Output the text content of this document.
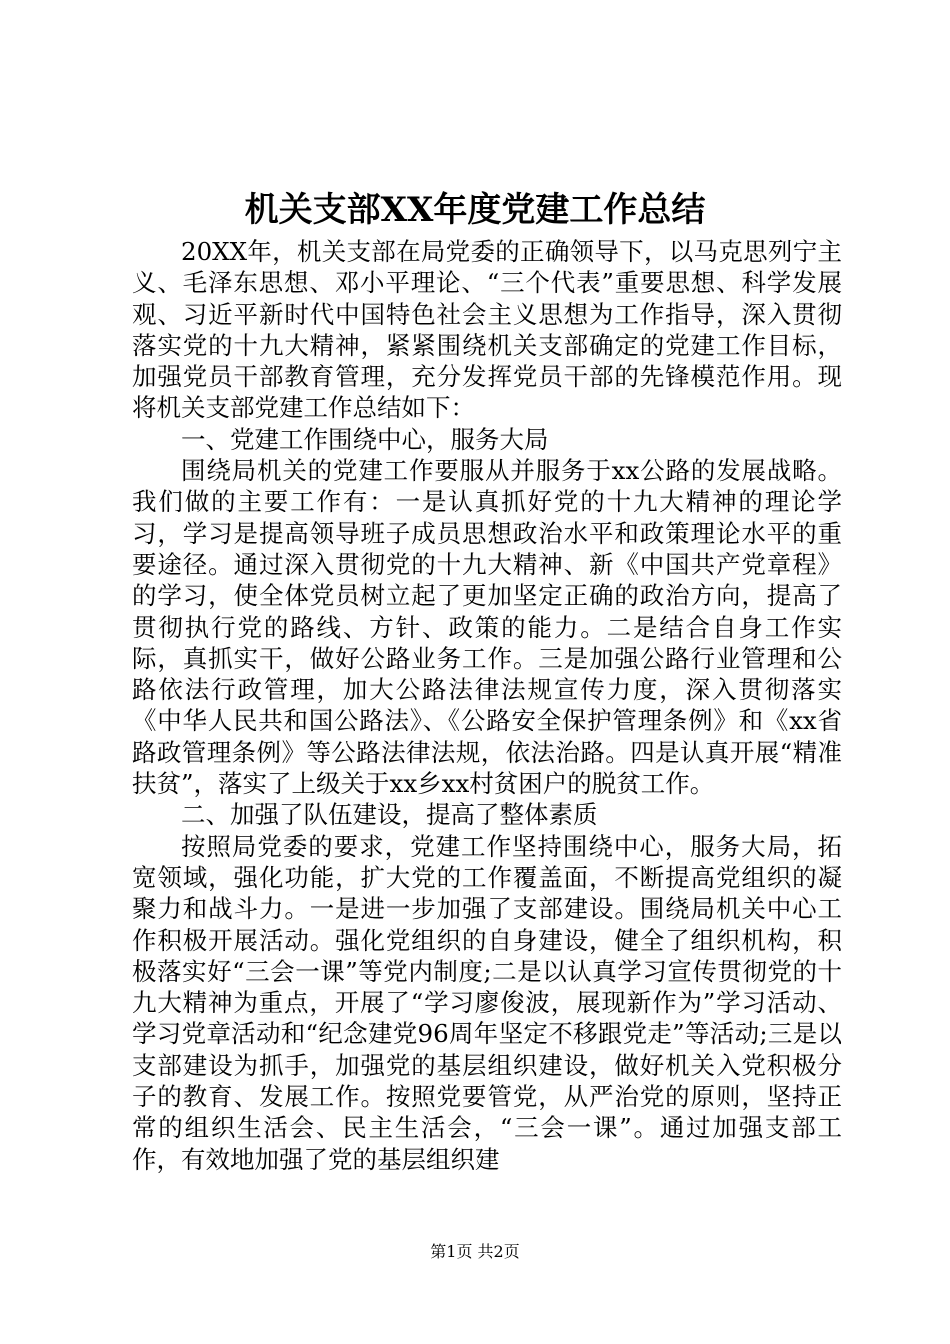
机关支部XX年度党建工作总结

20XX年，机关支部在局党委的正确领导下，以马克思列宁主义、毛泽东思想、邓小平理论、“三个代表”重要思想、科学发展观、习近平新时代中国特色社会主义思想为工作指导，深入贯彻落实党的十九大精神，紧紧围绕机关支部确定的党建工作目标，加强党员干部教育管理，充分发挥党员干部的先锋模范作用。现将机关支部党建工作总结如下：

一、党建工作围绕中心，服务大局

围绕局机关的党建工作要服从并服务于xx公路的发展战略。我们做的主要工作有：一是认真抓好党的十九大精神的理论学习，学习是提高领导班子成员思想政治水平和政策理论水平的重要途径。通过深入贯彻党的十九大精神、新《中国共产党章程》的学习，使全体党员树立起了更加坚定正确的政治方向，提高了贯彻执行党的路线、方针、政策的能力。二是结合自身工作实际，真抓实干，做好公路业务工作。三是加强公路行业管理和公路依法行政管理，加大公路法律法规宣传力度，深入贯彻落实《中华人民共和国公路法》、《公路安全保护管理条例》和《xx省路政管理条例》等公路法律法规，依法治路。四是认真开展“精准扶贫”，落实了上级关于xx乡xx村贫困户的脱贫工作。

二、加强了队伍建设，提高了整体素质

按照局党委的要求，党建工作坚持围绕中心，服务大局，拓宽领域，强化功能，扩大党的工作覆盖面，不断提高党组织的凝聚力和战斗力。一是进一步加强了支部建设。围绕局机关中心工作积极开展活动。强化党组织的自身建设，健全了组织机构，积极落实好“三会一课”等党内制度;二是以认真学习宣传贯彻党的十九大精神为重点，开展了“学习廖俊波，展现新作为”学习活动、学习党章活动和“纪念建党96周年坚定不移跟党走”等活动;三是以支部建设为抓手，加强党的基层组织建设，做好机关入党积极分子的教育、发展工作。按照党要管党，从严治党的原则，坚持正常的组织生活会、民主生活会，“三会一课”。通过加强支部工作，有效地加强了党的基层组织建

第1页 共2页
